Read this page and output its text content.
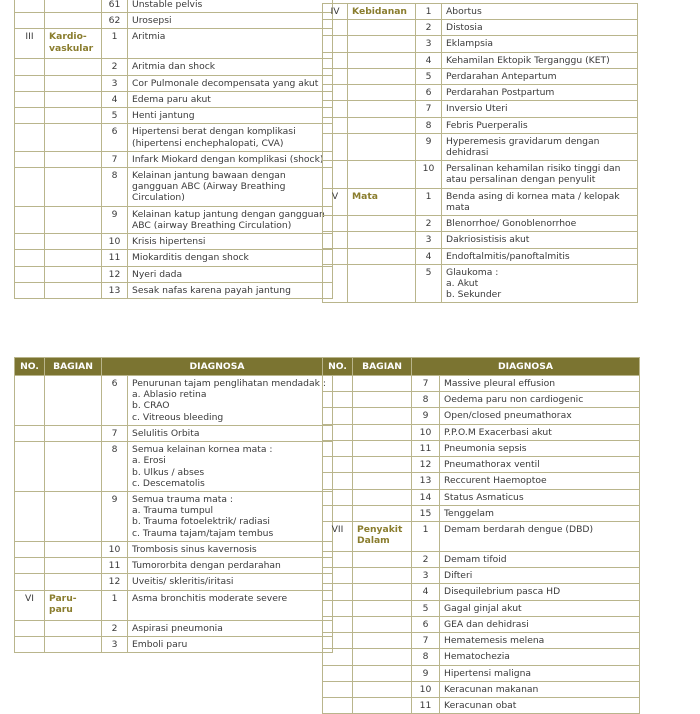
		61	Unstable pelvis

		62	Urosepsi

III	Kardio-vaskular	1	Aritmia

		2	Aritmia dan shock

		3	Cor Pulmonale decompensata yang akut

		4	Edema paru akut

		5	Henti jantung

		6	Hipertensi berat dengan komplikasi (hipertensi enchephalopati, CVA)

		7	Infark Miokard dengan komplikasi (shock)

		8	Kelainan jantung bawaan dengan gangguan ABC (Airway Breathing Circulation)

		9	Kelainan katup jantung dengan gangguan ABC (airway Breathing Circulation)

		10	Krisis hipertensi

		11	Miokarditis dengan shock

		12	Nyeri dada

		13	Sesak nafas karena payah jantung
IV	Kebidanan	1	Abortus

		2	Distosia

		3	Eklampsia

		4	Kehamilan Ektopik Terganggu (KET)

		5	Perdarahan Antepartum

		6	Perdarahan Postpartum

		7	Inversio Uteri

		8	Febris Puerperalis

		9	Hyperemesis gravidarum dengan dehidrasi

		10	Persalinan kehamilan risiko tinggi dan atau persalinan dengan penyulit

V	Mata	1	Benda asing di kornea mata / kelopak mata

		2	Blenorrhoe/ Gonoblenorrhoe

		3	Dakriosistisis akut

		4	Endoftalmitis/panoftalmitis

		5	Glaukoma :
a. Akut
b. Sekunder
NO.	BAGIAN	DIAGNOSA	
		6	Penurunan tajam penglihatan mendadak :
a. Ablasio retina
b. CRAO
c. Vitreous bleeding

		7	Selulitis Orbita

		8	Semua kelainan kornea mata :
a. Erosi
b. Ulkus / abses
c. Descematolis

		9	Semua trauma mata :
a. Trauma tumpul
b. Trauma fotoelektrik/ radiasi
c. Trauma tajam/tajam tembus

		10	Trombosis sinus kavernosis

		11	Tumororbita dengan perdarahan

		12	Uveitis/ skleritis/iritasi

VI	Paru-paru	1	Asma bronchitis moderate severe

		2	Aspirasi pneumonia

		3	Emboli paru
NO.	BAGIAN	DIAGNOSA	
		7	Massive pleural effusion

		8	Oedema paru non cardiogenic

		9	Open/closed pneumathorax

		10	P.P.O.M Exacerbasi akut

		11	Pneumonia sepsis

		12	Pneumathorax ventil

		13	Reccurent Haemoptoe

		14	Status Asmaticus

		15	Tenggelam

VII	Penyakit Dalam	1	Demam berdarah dengue (DBD)

		2	Demam tifoid

		3	Difteri

		4	Disequilebrium pasca HD

		5	Gagal ginjal akut

		6	GEA dan dehidrasi

		7	Hematemesis melena

		8	Hematochezia

		9	Hipertensi maligna

		10	Keracunan makanan

		11	Keracunan obat
